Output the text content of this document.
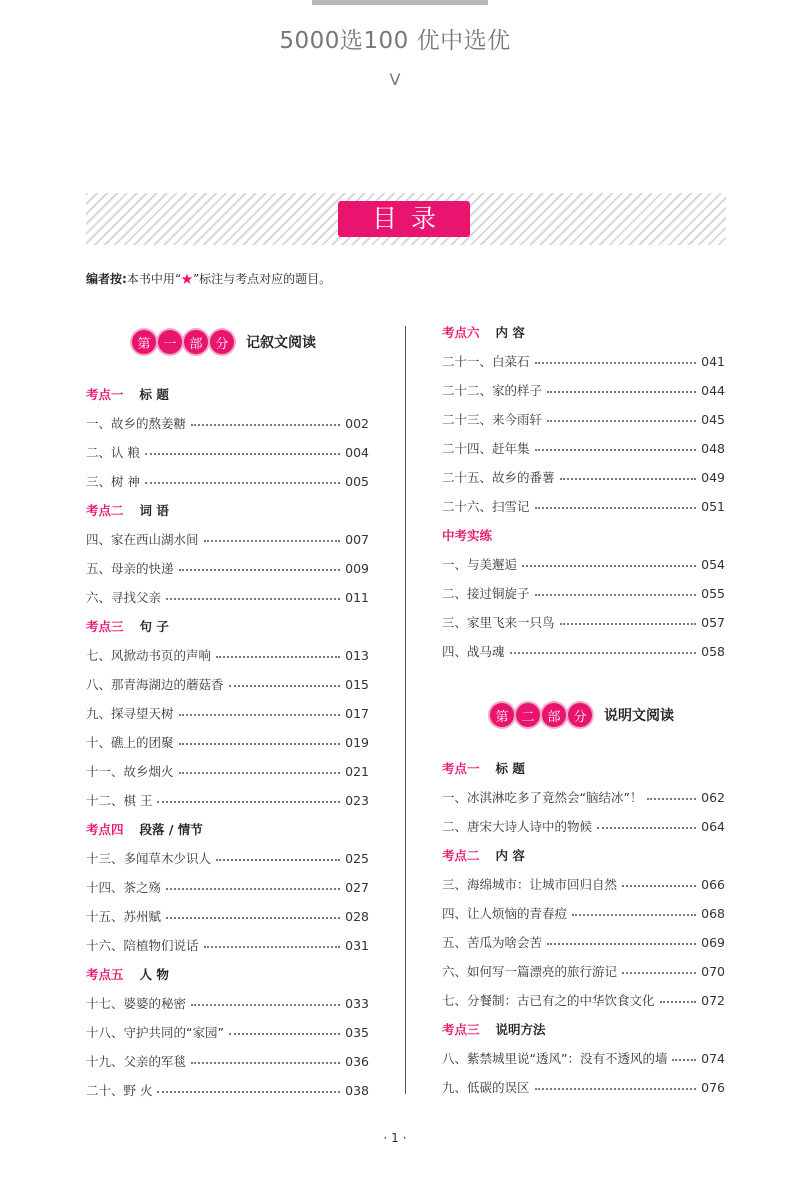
5000选100 优中选优
V
目录
编者按:本书中用“★”标注与考点对应的题目。
第 一 部 分	记叙文阅读
第 二 部 分	说明文阅读
考点一 标 题
一、故乡的熬姜糖	002
二、认 粮	004
三、树 神	005
考点二 词 语
四、家在西山湖水间	007
五、母亲的快递	009
六、寻找父亲	011
考点三 句 子
七、风掀动书页的声响	013
八、那青海湖边的蘑菇香	015
九、探寻望天树	017
十、礁上的团聚	019
十一、故乡烟火	021
十二、棋 王	023
考点四 段落 / 情节
十三、多闻草木少识人	025
十四、茶之殇	027
十五、苏州赋	028
十六、陪植物们说话	031
考点五 人 物
十七、婆婆的秘密	033
十八、守护共同的“家园”	035
十九、父亲的军毯	036
二十、野 火	038
考点六 内 容
二十一、白菜石	041
二十二、家的样子	044
二十三、来今雨轩	045
二十四、赶年集	048
二十五、故乡的番薯	049
二十六、扫雪记	051
中考实练
一、与美邂逅	054
二、接过铜旋子	055
三、家里飞来一只鸟	057
四、战马魂	058
考点一 标 题
一、冰淇淋吃多了竟然会“脑结冰”！	062
二、唐宋大诗人诗中的物候	064
考点二 内 容
三、海绵城市：让城市回归自然	066
四、让人烦恼的青春痘	068
五、苦瓜为啥会苦	069
六、如何写一篇漂亮的旅行游记	070
七、分餐制：古已有之的中华饮食文化	072
考点三 说明方法
八、紫禁城里说“透风”：没有不透风的墙	074
九、低碳的误区	076
· 1 ·
